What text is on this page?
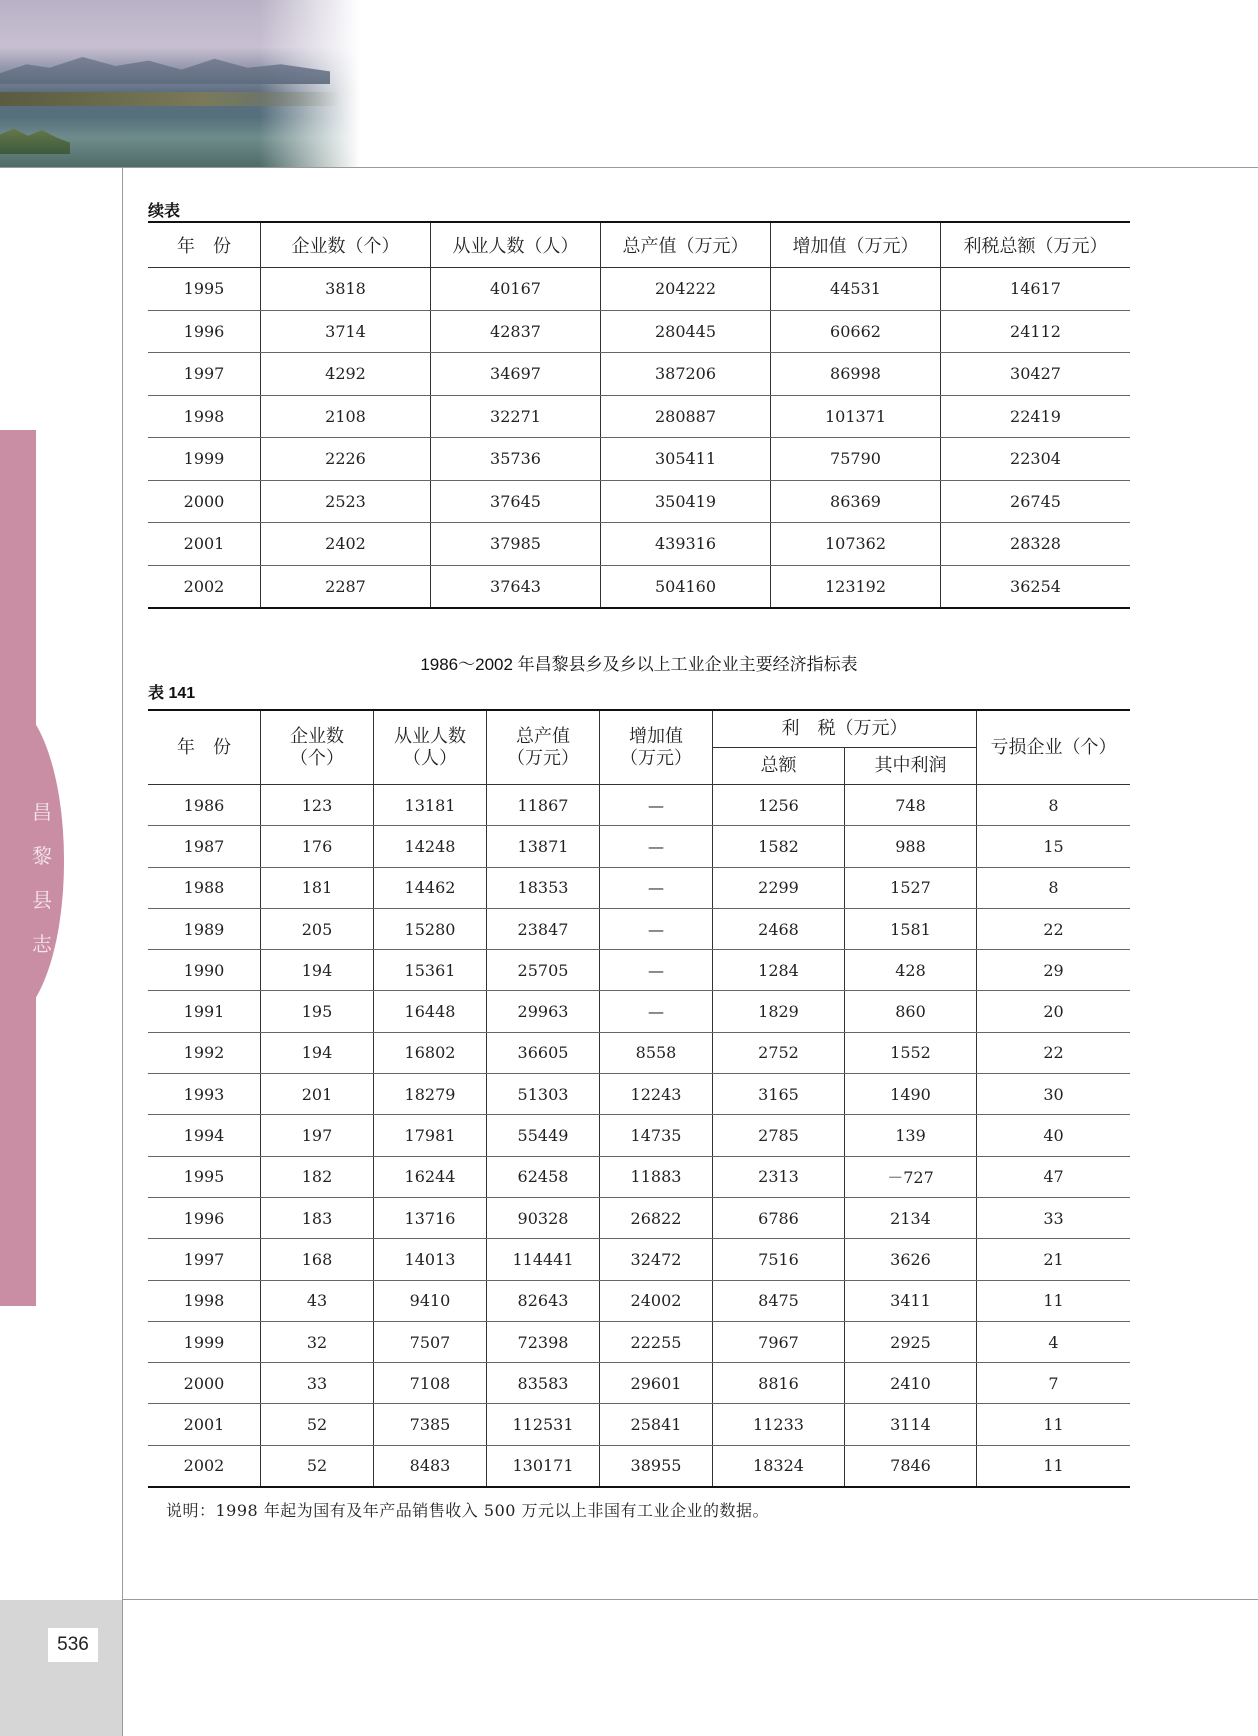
昌
黎
县
志
536
续表
年　份	企业数（个）	从业人数（人）	总产值（万元）	增加值（万元）	利税总额（万元）
1995	3818	40167	204222	44531	14617
1996	3714	42837	280445	60662	24112
1997	4292	34697	387206	86998	30427
1998	2108	32271	280887	101371	22419
1999	2226	35736	305411	75790	22304
2000	2523	37645	350419	86369	26745
2001	2402	37985	439316	107362	28328
2002	2287	37643	504160	123192	36254
1986～2002 年昌黎县乡及乡以上工业企业主要经济指标表
表 141
年　份	企业数（个）	从业人数（人）	总产值（万元）	增加值（万元）	利　税（万元）		亏损企业（个）
					总额	其中利润	
1986	123	13181	11867	—	1256	748	8
1987	176	14248	13871	—	1582	988	15
1988	181	14462	18353	—	2299	1527	8
1989	205	15280	23847	—	2468	1581	22
1990	194	15361	25705	—	1284	428	29
1991	195	16448	29963	—	1829	860	20
1992	194	16802	36605	8558	2752	1552	22
1993	201	18279	51303	12243	3165	1490	30
1994	197	17981	55449	14735	2785	139	40
1995	182	16244	62458	11883	2313	－727	47
1996	183	13716	90328	26822	6786	2134	33
1997	168	14013	114441	32472	7516	3626	21
1998	43	9410	82643	24002	8475	3411	11
1999	32	7507	72398	22255	7967	2925	4
2000	33	7108	83583	29601	8816	2410	7
2001	52	7385	112531	25841	11233	3114	11
2002	52	8483	130171	38955	18324	7846	11
说明：1998 年起为国有及年产品销售收入 500 万元以上非国有工业企业的数据。
